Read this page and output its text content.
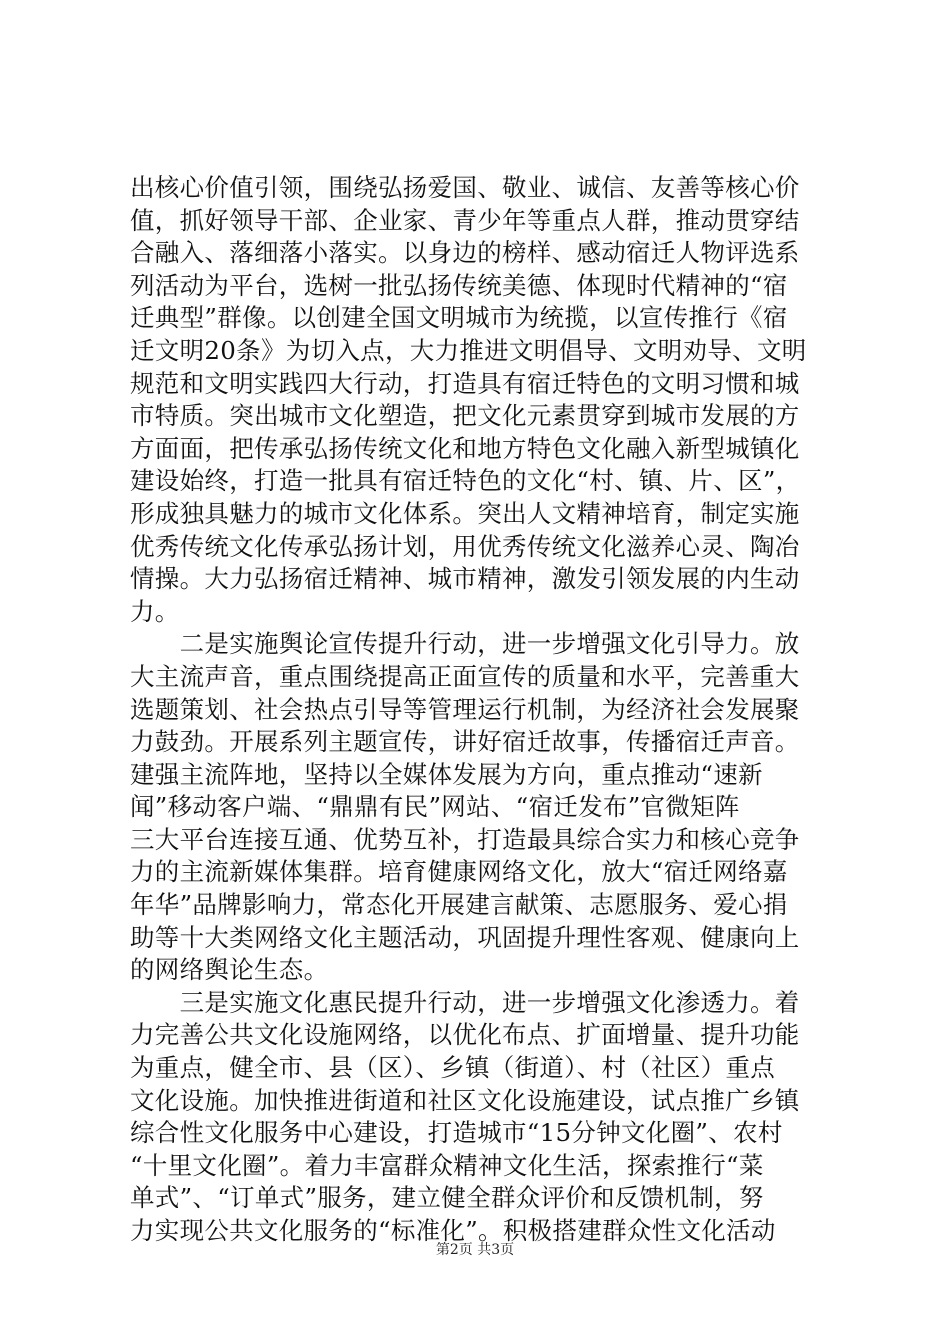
出核心价值引领，围绕弘扬爱国、敬业、诚信、友善等核心价
值，抓好领导干部、企业家、青少年等重点人群，推动贯穿结
合融入、落细落小落实。以身边的榜样、感动宿迁人物评选系
列活动为平台，选树一批弘扬传统美德、体现时代精神的“宿
迁典型”群像。以创建全国文明城市为统揽，以宣传推行《宿
迁文明20条》为切入点，大力推进文明倡导、文明劝导、文明
规范和文明实践四大行动，打造具有宿迁特色的文明习惯和城
市特质。突出城市文化塑造，把文化元素贯穿到城市发展的方
方面面，把传承弘扬传统文化和地方特色文化融入新型城镇化
建设始终，打造一批具有宿迁特色的文化“村、镇、片、区”，
形成独具魅力的城市文化体系。突出人文精神培育，制定实施
优秀传统文化传承弘扬计划，用优秀传统文化滋养心灵、陶冶
情操。大力弘扬宿迁精神、城市精神，激发引领发展的内生动
力。
　　二是实施舆论宣传提升行动，进一步增强文化引导力。放
大主流声音，重点围绕提高正面宣传的质量和水平，完善重大
选题策划、社会热点引导等管理运行机制，为经济社会发展聚
力鼓劲。开展系列主题宣传，讲好宿迁故事，传播宿迁声音。
建强主流阵地，坚持以全媒体发展为方向，重点推动“速新
闻”移动客户端、“鼎鼎有民”网站、“宿迁发布”官微矩阵
三大平台连接互通、优势互补，打造最具综合实力和核心竞争
力的主流新媒体集群。培育健康网络文化，放大“宿迁网络嘉
年华”品牌影响力，常态化开展建言献策、志愿服务、爱心捐
助等十大类网络文化主题活动，巩固提升理性客观、健康向上
的网络舆论生态。
　　三是实施文化惠民提升行动，进一步增强文化渗透力。着
力完善公共文化设施网络，以优化布点、扩面增量、提升功能
为重点，健全市、县（区）、乡镇（街道）、村（社区）重点
文化设施。加快推进街道和社区文化设施建设，试点推广乡镇
综合性文化服务中心建设，打造城市“15分钟文化圈”、农村
“十里文化圈”。着力丰富群众精神文化生活，探索推行“菜
单式”、“订单式”服务，建立健全群众评价和反馈机制，努
力实现公共文化服务的“标准化”。积极搭建群众性文化活动
第2页 共3页
